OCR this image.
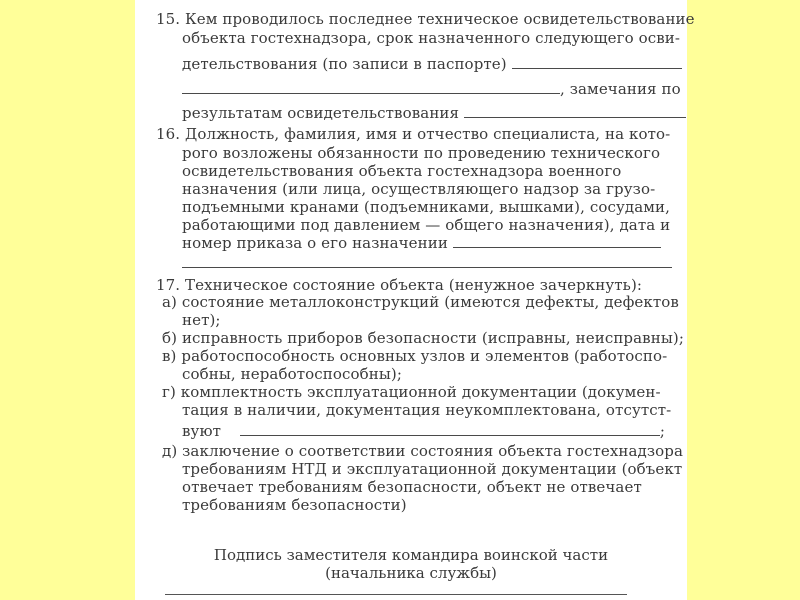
15. Кем проводилось последнее техническое освидетельствование
объекта гостехнадзора, срок назначенного следующего осви-
детельствования (по записи в паспорте)
, замечания по
результатам освидетельствования
16. Должность, фамилия, имя и отчество специалиста, на кото-
рого возложены обязанности по проведению технического
освидетельствования объекта гостехнадзора военного
назначения (или лица, осуществляющего надзор за грузо-
подъемными кранами (подъемниками, вышками), сосудами,
работающими под давлением — общего назначения), дата и
номер приказа о его назначении
17. Техническое состояние объекта (ненужное зачеркнуть):
а) состояние металлоконструкций (имеются дефекты, дефектов
нет);
б) исправность приборов безопасности (исправны, неисправны);
в) работоспособность основных узлов и элементов (работоспо-
собны, неработоспособны);
г) комплектность эксплуатационной документации (докумен-
тация в наличии, документация неукомплектована, отсутст-
вуют	;
д) заключение о соответствии состояния объекта гостехнадзора
требованиям НТД и эксплуатационной документации (объект
отвечает требованиям безопасности, объект не отвечает
требованиям безопасности)
Подпись заместителя командира воинской части
(начальника службы)
